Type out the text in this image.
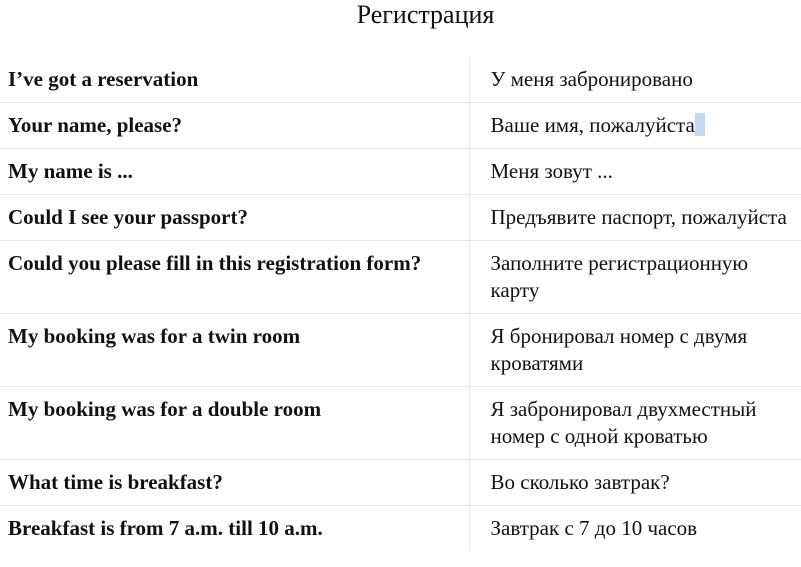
Регистрация
I’ve got a reservation	У меня забронировано
Your name, please?	Ваше имя, пожалуйста
My name is ...	Меня зовут ...
Could I see your passport?	Предъявите паспорт, пожалуйста
Could you please fill in this registration form?	Заполните регистрационную карту
My booking was for a twin room	Я бронировал номер с двумя кроватями
My booking was for a double room	Я забронировал двухместный номер с одной кроватью
What time is breakfast?	Во сколько завтрак?
Breakfast is from 7 a.m. till 10 a.m.	Завтрак с 7 до 10 часов
